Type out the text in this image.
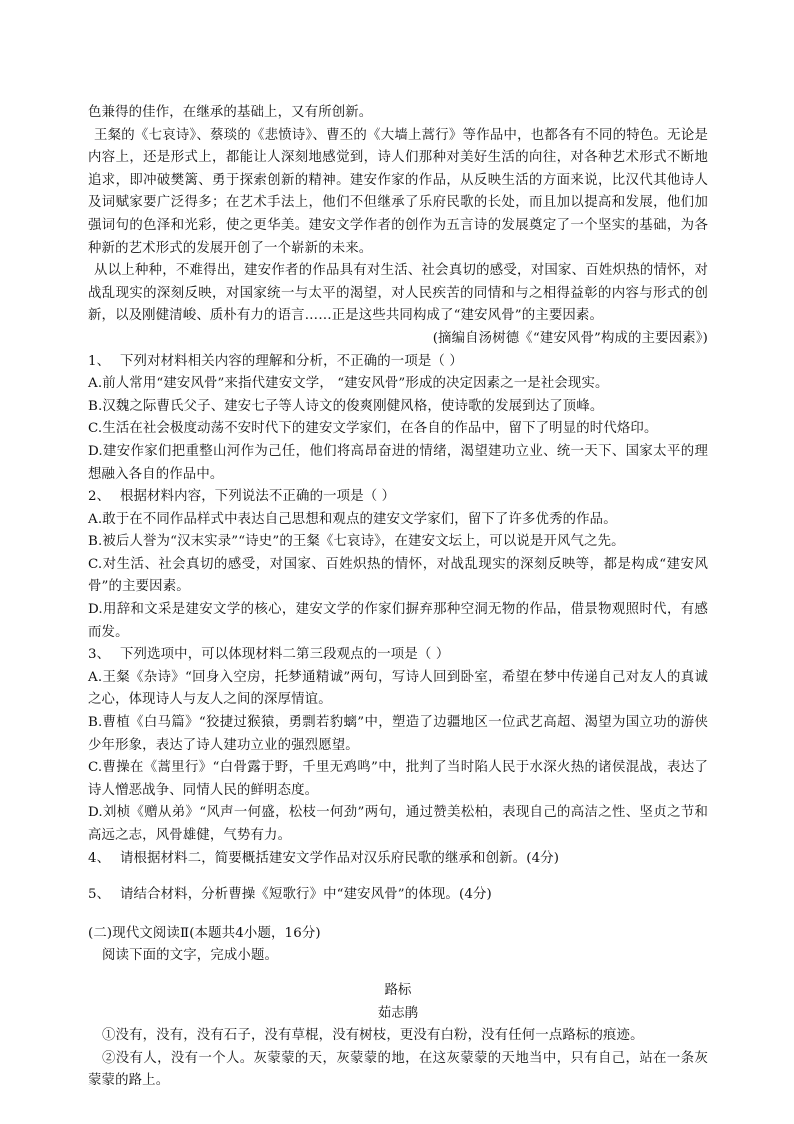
色兼得的佳作，在继承的基础上，又有所创新。

王粲的《七哀诗》、蔡琰的《悲愤诗》、曹丕的《大墙上蒿行》等作品中，也都各有不同的特色。无论是内容上，还是形式上，都能让人深刻地感觉到，诗人们那种对美好生活的向往，对各种艺术形式不断地追求，即冲破樊篱、勇于探索创新的精神。建安作家的作品，从反映生活的方面来说，比汉代其他诗人及词赋家要广泛得多；在艺术手法上，他们不但继承了乐府民歌的长处，而且加以提高和发展，他们加强词句的色泽和光彩，使之更华美。建安文学作者的创作为五言诗的发展奠定了一个坚实的基础，为各种新的艺术形式的发展开创了一个崭新的未来。

从以上种种，不难得出，建安作者的作品具有对生活、社会真切的感受，对国家、百姓炽热的情怀，对战乱现实的深刻反映，对国家统一与太平的渴望，对人民疾苦的同情和与之相得益彰的内容与形式的创新，以及刚健清峻、质朴有力的语言……正是这些共同构成了“建安风骨”的主要因素。

(摘编自汤树德《“建安风骨”构成的主要因素》)

1、 下列对材料相关内容的理解和分析，不正确的一项是（ ）

A.前人常用“建安风骨”来指代建安文学， “建安风骨”形成的决定因素之一是社会现实。

B.汉魏之际曹氏父子、建安七子等人诗文的俊爽刚健风格，使诗歌的发展到达了顶峰。

C.生活在社会极度动荡不安时代下的建安文学家们，在各自的作品中，留下了明显的时代烙印。

D.建安作家们把重整山河作为己任，他们将高昂奋进的情绪，渴望建功立业、统一天下、国家太平的理想融入各自的作品中。

2、 根据材料内容，下列说法不正确的一项是（ ）

A.敢于在不同作品样式中表达自己思想和观点的建安文学家们，留下了许多优秀的作品。

B.被后人誉为“汉末实录”“诗史”的王粲《七哀诗》，在建安文坛上，可以说是开风气之先。

C.对生活、社会真切的感受，对国家、百姓炽热的情怀，对战乱现实的深刻反映等，都是构成“建安风骨”的主要因素。

D.用辞和文采是建安文学的核心，建安文学的作家们摒弃那种空洞无物的作品，借景物观照时代，有感而发。

3、 下列选项中，可以体现材料二第三段观点的一项是（ ）

A.王粲《杂诗》“回身入空房，托梦通精诚”两句，写诗人回到卧室，希望在梦中传递自己对友人的真诚之心，体现诗人与友人之间的深厚情谊。

B.曹植《白马篇》“狡捷过猴猿，勇剽若豹螭”中，塑造了边疆地区一位武艺高超、渴望为国立功的游侠少年形象，表达了诗人建功立业的强烈愿望。

C.曹操在《蒿里行》“白骨露于野，千里无鸡鸣”中，批判了当时陷人民于水深火热的诸侯混战，表达了诗人憎恶战争、同情人民的鲜明态度。

D.刘桢《赠从弟》“风声一何盛，松枝一何劲”两句，通过赞美松柏，表现自己的高洁之性、坚贞之节和高远之志，风骨雄健，气势有力。

4、 请根据材料二，简要概括建安文学作品对汉乐府民歌的继承和创新。(4分)

5、 请结合材料，分析曹操《短歌行》中“建安风骨”的体现。(4分)

(二)现代文阅读Ⅱ(本题共4小题，16分)

阅读下面的文字，完成小题。

路标

茹志鹃

①没有，没有，没有石子，没有草棍，没有树枝，更没有白粉，没有任何一点路标的痕迹。

②没有人，没有一个人。灰蒙蒙的天，灰蒙蒙的地，在这灰蒙蒙的天地当中，只有自己，站在一条灰蒙蒙的路上。
